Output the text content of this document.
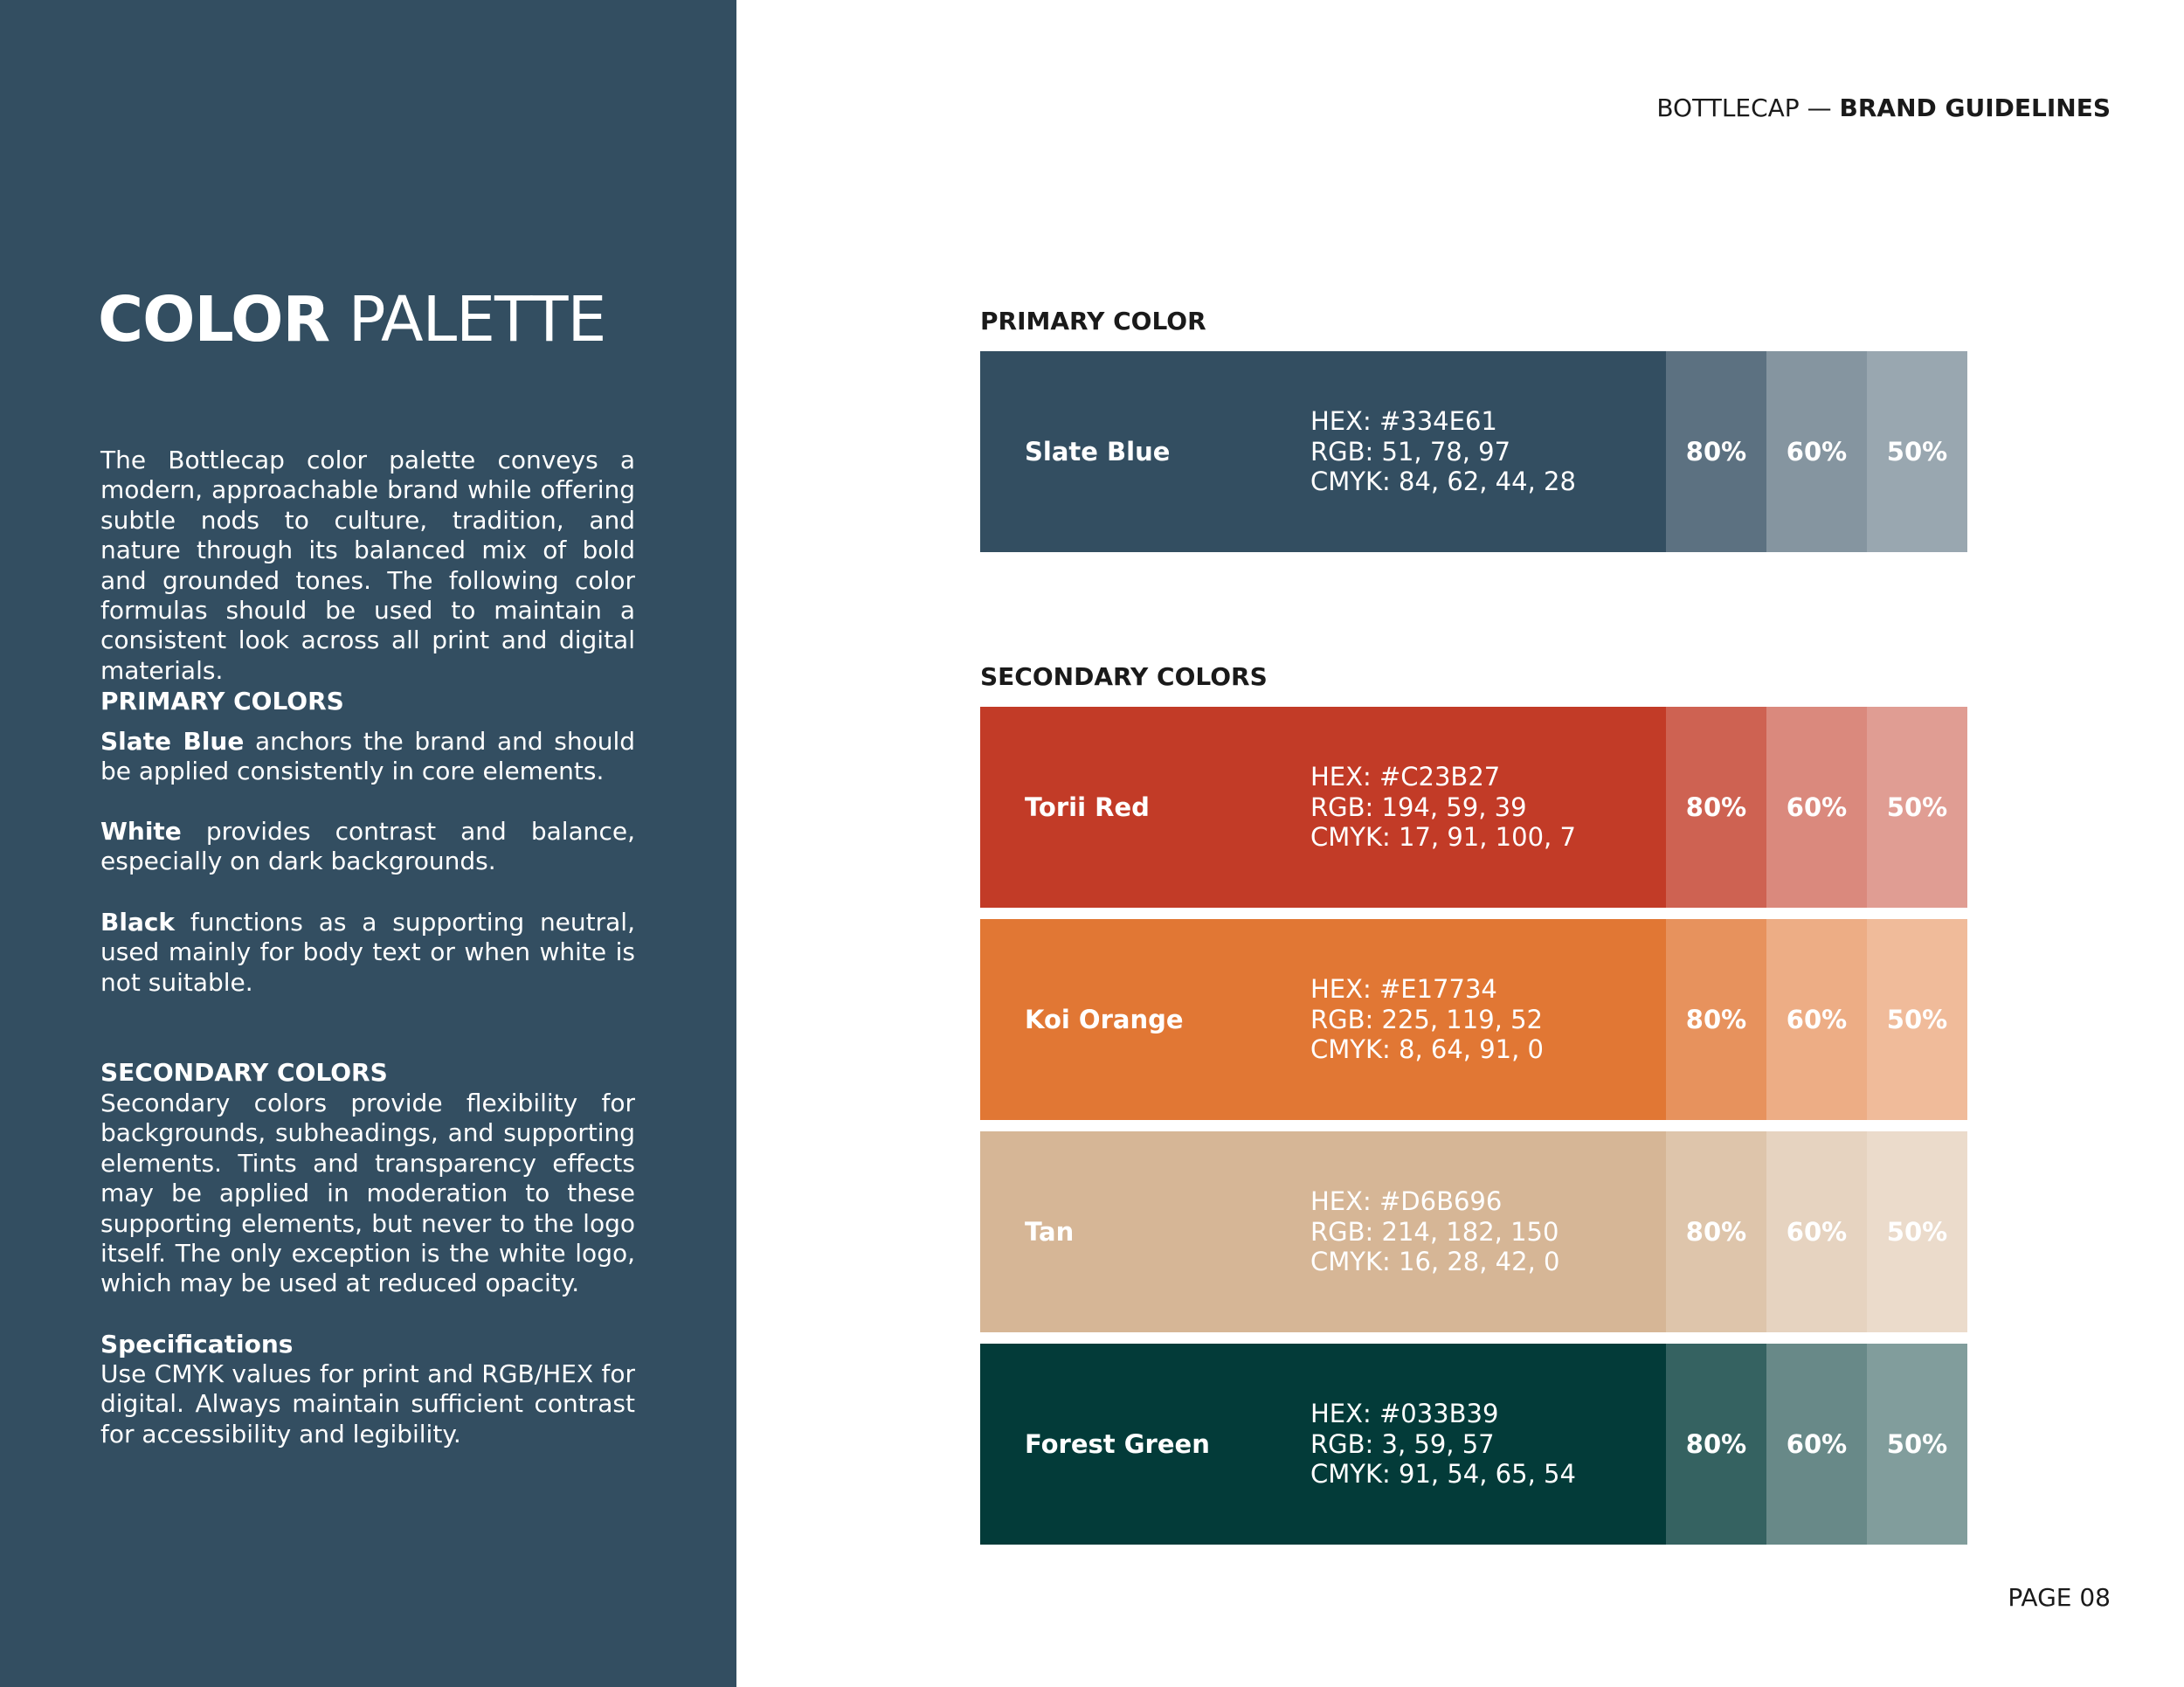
COLOR PALETTE

The Bottlecap color palette conveys a modern, approachable brand while offering subtle nods to culture, tradition, and nature through its balanced mix of bold and grounded tones. The following color formulas should be used to maintain a consistent look across all print and digital materials.

PRIMARY COLORS

Slate Blue anchors the brand and should be applied consistently in core elements.

White provides contrast and balance, especially on dark backgrounds.

Black functions as a supporting neutral, used mainly for body text or when white is not suitable.

SECONDARY COLORS

Secondary colors provide flexibility for backgrounds, subheadings, and supporting elements. Tints and transparency effects may be applied in moderation to these supporting elements, but never to the logo itself. The only exception is the white logo, which may be used at reduced opacity.

Specifications

Use CMYK values for print and RGB/HEX for digital. Always maintain sufficient contrast for accessibility and legibility.

BOTTLECAP — BRAND GUIDELINES
PRIMARY COLOR
Slate Blue
HEX: #334E61
RGB: 51, 78, 97
CMYK: 84, 62, 44, 28
80%	60%	50%
SECONDARY COLORS
Torii Red
HEX: #C23B27
RGB: 194, 59, 39
CMYK: 17, 91, 100, 7
80%	60%	50%
Koi Orange
HEX: #E17734
RGB: 225, 119, 52
CMYK: 8, 64, 91, 0
80%	60%	50%
Tan
HEX: #D6B696
RGB: 214, 182, 150
CMYK: 16, 28, 42, 0
80%	60%	50%
Forest Green
HEX: #033B39
RGB: 3, 59, 57
CMYK: 91, 54, 65, 54
80%	60%	50%
PAGE 08
